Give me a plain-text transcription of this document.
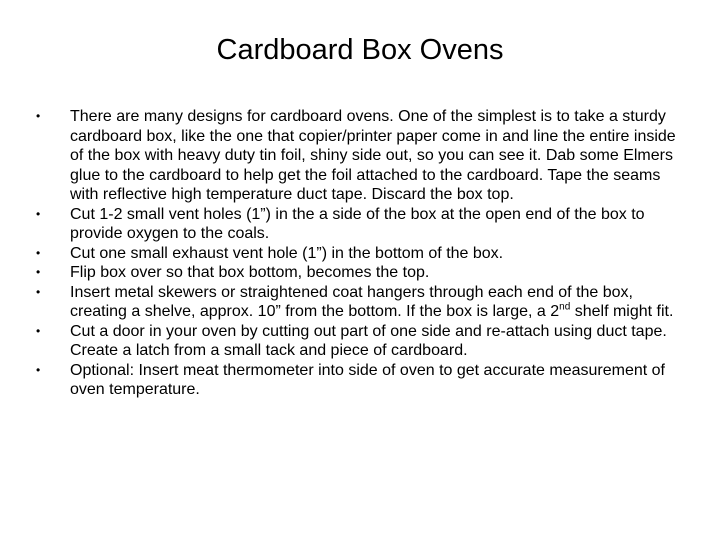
Cardboard Box Ovens
•	There are many designs for cardboard ovens. One of the simplest is to take a sturdy cardboard box, like the one that copier/printer paper come in and line the entire inside of the box with heavy duty tin foil, shiny side out, so you can see it. Dab some Elmers glue to the cardboard to help get the foil attached to the cardboard. Tape the seams with reflective high temperature duct tape. Discard the box top.
•	Cut 1-2 small vent holes (1”) in the a side of the box at the open end of the box to provide oxygen to the coals.
•	Cut one small exhaust vent hole (1”) in the bottom of the box.
•	Flip box over so that box bottom, becomes the top.
•	Insert metal skewers or straightened coat hangers through each end of the box, creating a shelve, approx. 10” from the bottom. If the box is large, a 2nd shelf might fit.
•	Cut a door in your oven by cutting out part of one side and re-attach using duct tape. Create a latch from a small tack and piece of cardboard.
•	Optional: Insert meat thermometer into side of oven to get accurate measurement of oven temperature.
